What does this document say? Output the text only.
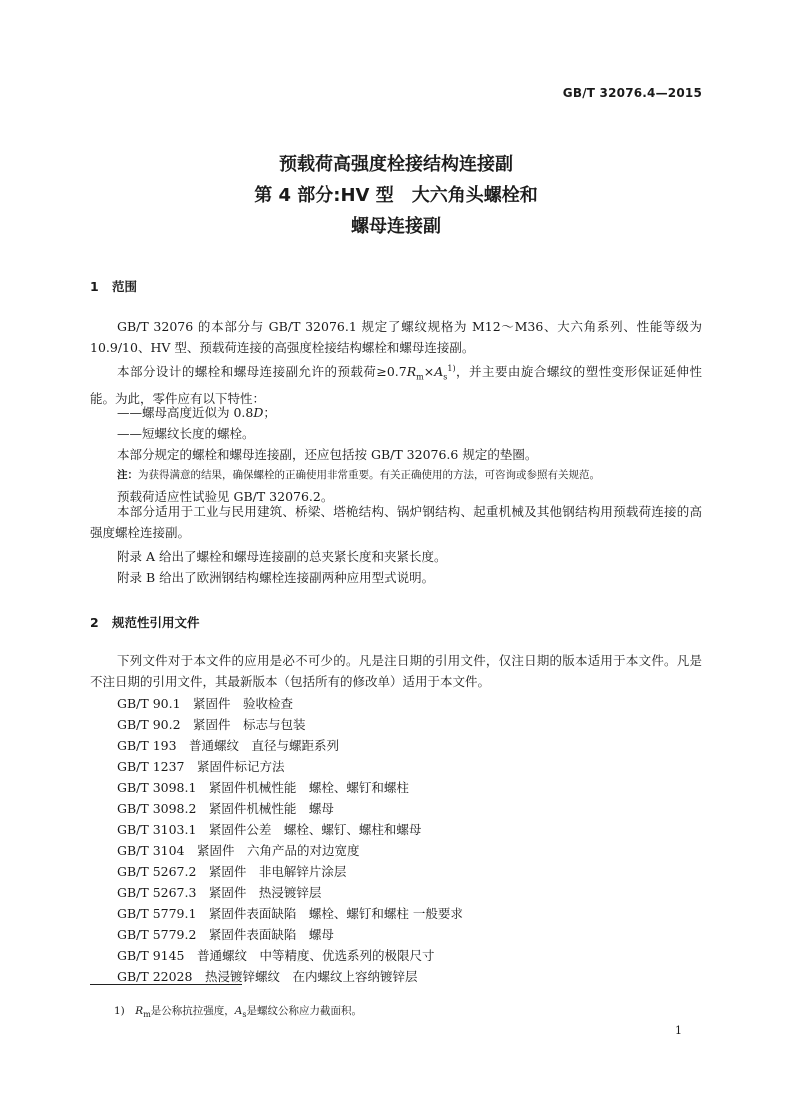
GB/T 32076.4—2015
预载荷高强度栓接结构连接副
第 4 部分:HV 型　大六角头螺栓和
螺母连接副
1 范围

GB/T 32076 的本部分与 GB/T 32076.1 规定了螺纹规格为 M12～M36、大六角系列、性能等级为 10.9/10、HV 型、预载荷连接的高强度栓接结构螺栓和螺母连接副。

本部分设计的螺栓和螺母连接副允许的预载荷$\ge 0.7R_m\times A_s^{1)}$，并主要由旋合螺纹的塑性变形保证延伸性能。为此，零件应有以下特性：

——螺母高度近似为 0.8D；
——短螺纹长度的螺栓。
本部分规定的螺栓和螺母连接副，还应包括按 GB/T 32076.6 规定的垫圈。
注：为获得满意的结果，确保螺栓的正确使用非常重要。有关正确使用的方法，可咨询或参照有关规范。
预载荷适应性试验见 GB/T 32076.2。

本部分适用于工业与民用建筑、桥梁、塔桅结构、锅炉钢结构、起重机械及其他钢结构用预载荷连接的高强度螺栓连接副。

附录 A 给出了螺栓和螺母连接副的总夹紧长度和夹紧长度。
附录 B 给出了欧洲钢结构螺栓连接副两种应用型式说明。
2 规范性引用文件

下列文件对于本文件的应用是必不可少的。凡是注日期的引用文件，仅注日期的版本适用于本文件。凡是不注日期的引用文件，其最新版本（包括所有的修改单）适用于本文件。

GB/T 90.1　紧固件　验收检查
GB/T 90.2　紧固件　标志与包装
GB/T 193　普通螺纹　直径与螺距系列
GB/T 1237　紧固件标记方法
GB/T 3098.1　紧固件机械性能　螺栓、螺钉和螺柱
GB/T 3098.2　紧固件机械性能　螺母
GB/T 3103.1　紧固件公差　螺栓、螺钉、螺柱和螺母
GB/T 3104　紧固件　六角产品的对边宽度
GB/T 5267.2　紧固件　非电解锌片涂层
GB/T 5267.3　紧固件　热浸镀锌层
GB/T 5779.1　紧固件表面缺陷　螺栓、螺钉和螺柱 一般要求
GB/T 5779.2　紧固件表面缺陷　螺母
GB/T 9145　普通螺纹　中等精度、优选系列的极限尺寸
GB/T 22028　热浸镀锌螺纹　在内螺纹上容纳镀锌层
1)　 $R_m$是公称抗拉强度，$A_s$是螺纹公称应力截面积。
1
